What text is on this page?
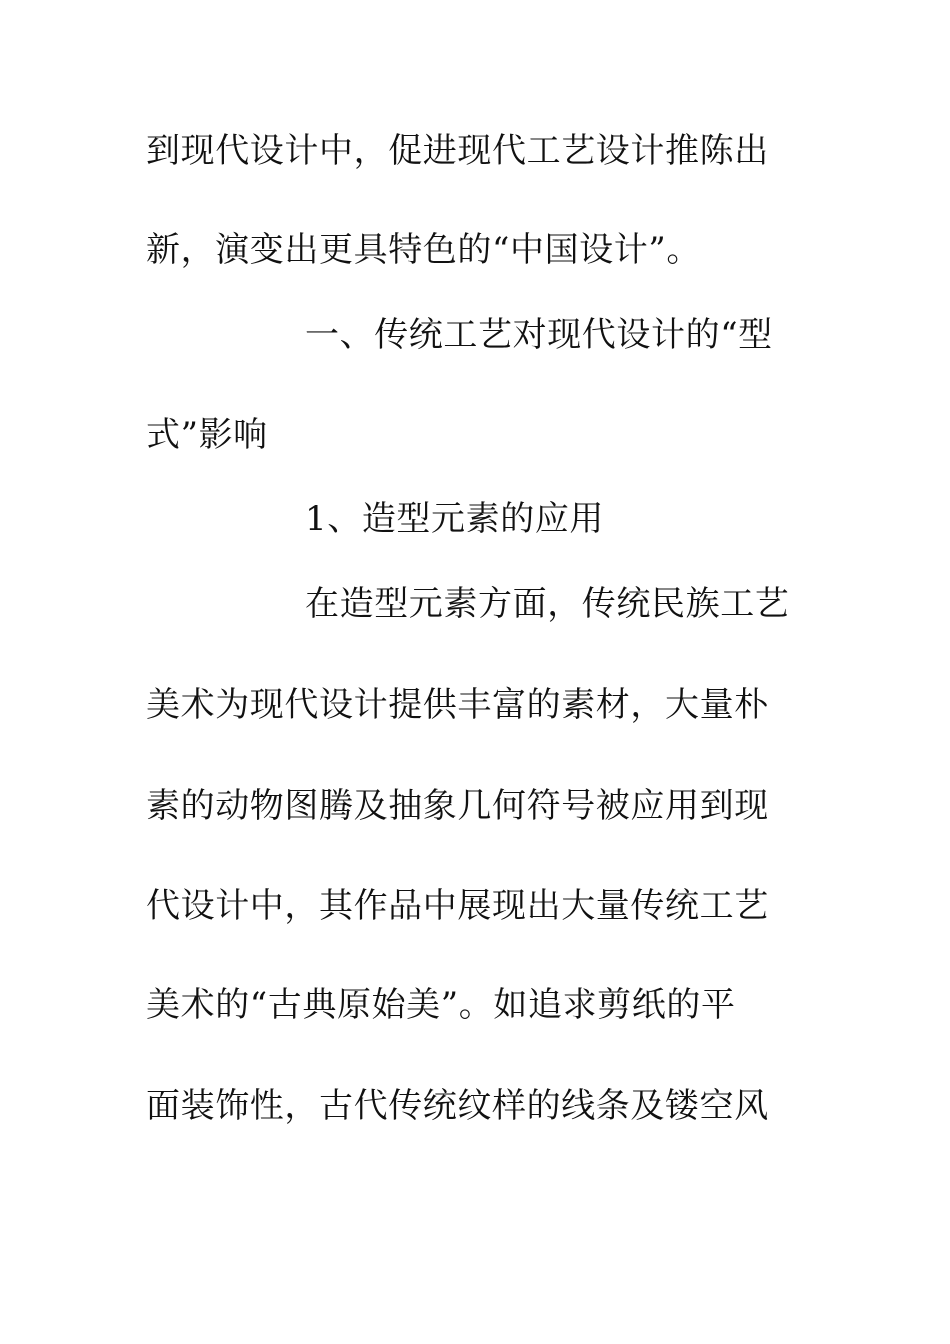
到现代设计中，促进现代工艺设计推陈出
新，演变出更具特色的“中国设计”。
一、传统工艺对现代设计的“型
式”影响
1、造型元素的应用
在造型元素方面，传统民族工艺
美术为现代设计提供丰富的素材，大量朴
素的动物图腾及抽象几何符号被应用到现
代设计中，其作品中展现出大量传统工艺
美术的“古典原始美”。如追求剪纸的平
面装饰性，古代传统纹样的线条及镂空风
